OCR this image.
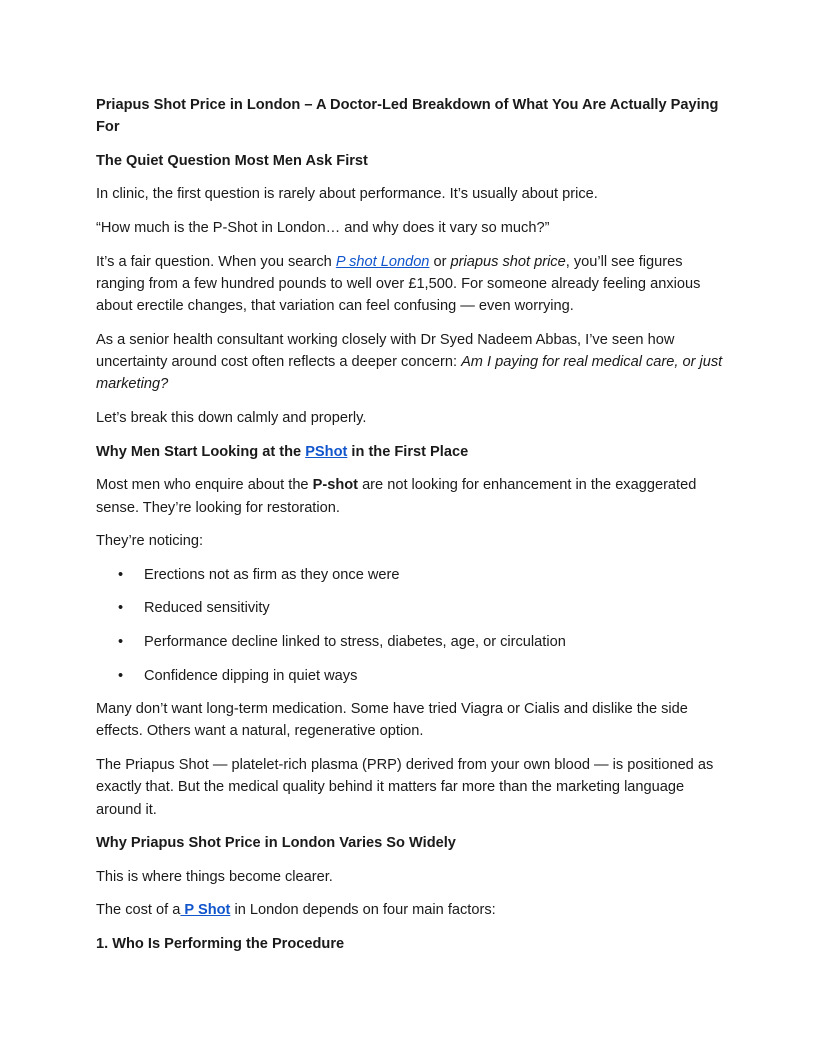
Priapus Shot Price in London – A Doctor-Led Breakdown of What You Are Actually Paying For

The Quiet Question Most Men Ask First

In clinic, the first question is rarely about performance. It’s usually about price.

“How much is the P-Shot in London… and why does it vary so much?”

It’s a fair question. When you search P shot London or priapus shot price, you’ll see figures ranging from a few hundred pounds to well over £1,500. For someone already feeling anxious about erectile changes, that variation can feel confusing — even worrying.

As a senior health consultant working closely with Dr Syed Nadeem Abbas, I’ve seen how uncertainty around cost often reflects a deeper concern: Am I paying for real medical care, or just marketing?

Let’s break this down calmly and properly.

Why Men Start Looking at the PShot in the First Place

Most men who enquire about the P-shot are not looking for enhancement in the exaggerated sense. They’re looking for restoration.

They’re noticing:

• Erections not as firm as they once were
• Reduced sensitivity
• Performance decline linked to stress, diabetes, age, or circulation
• Confidence dipping in quiet ways

Many don’t want long-term medication. Some have tried Viagra or Cialis and dislike the side effects. Others want a natural, regenerative option.

The Priapus Shot — platelet-rich plasma (PRP) derived from your own blood — is positioned as exactly that. But the medical quality behind it matters far more than the marketing language around it.

Why Priapus Shot Price in London Varies So Widely

This is where things become clearer.

The cost of a P Shot in London depends on four main factors:

1. Who Is Performing the Procedure
